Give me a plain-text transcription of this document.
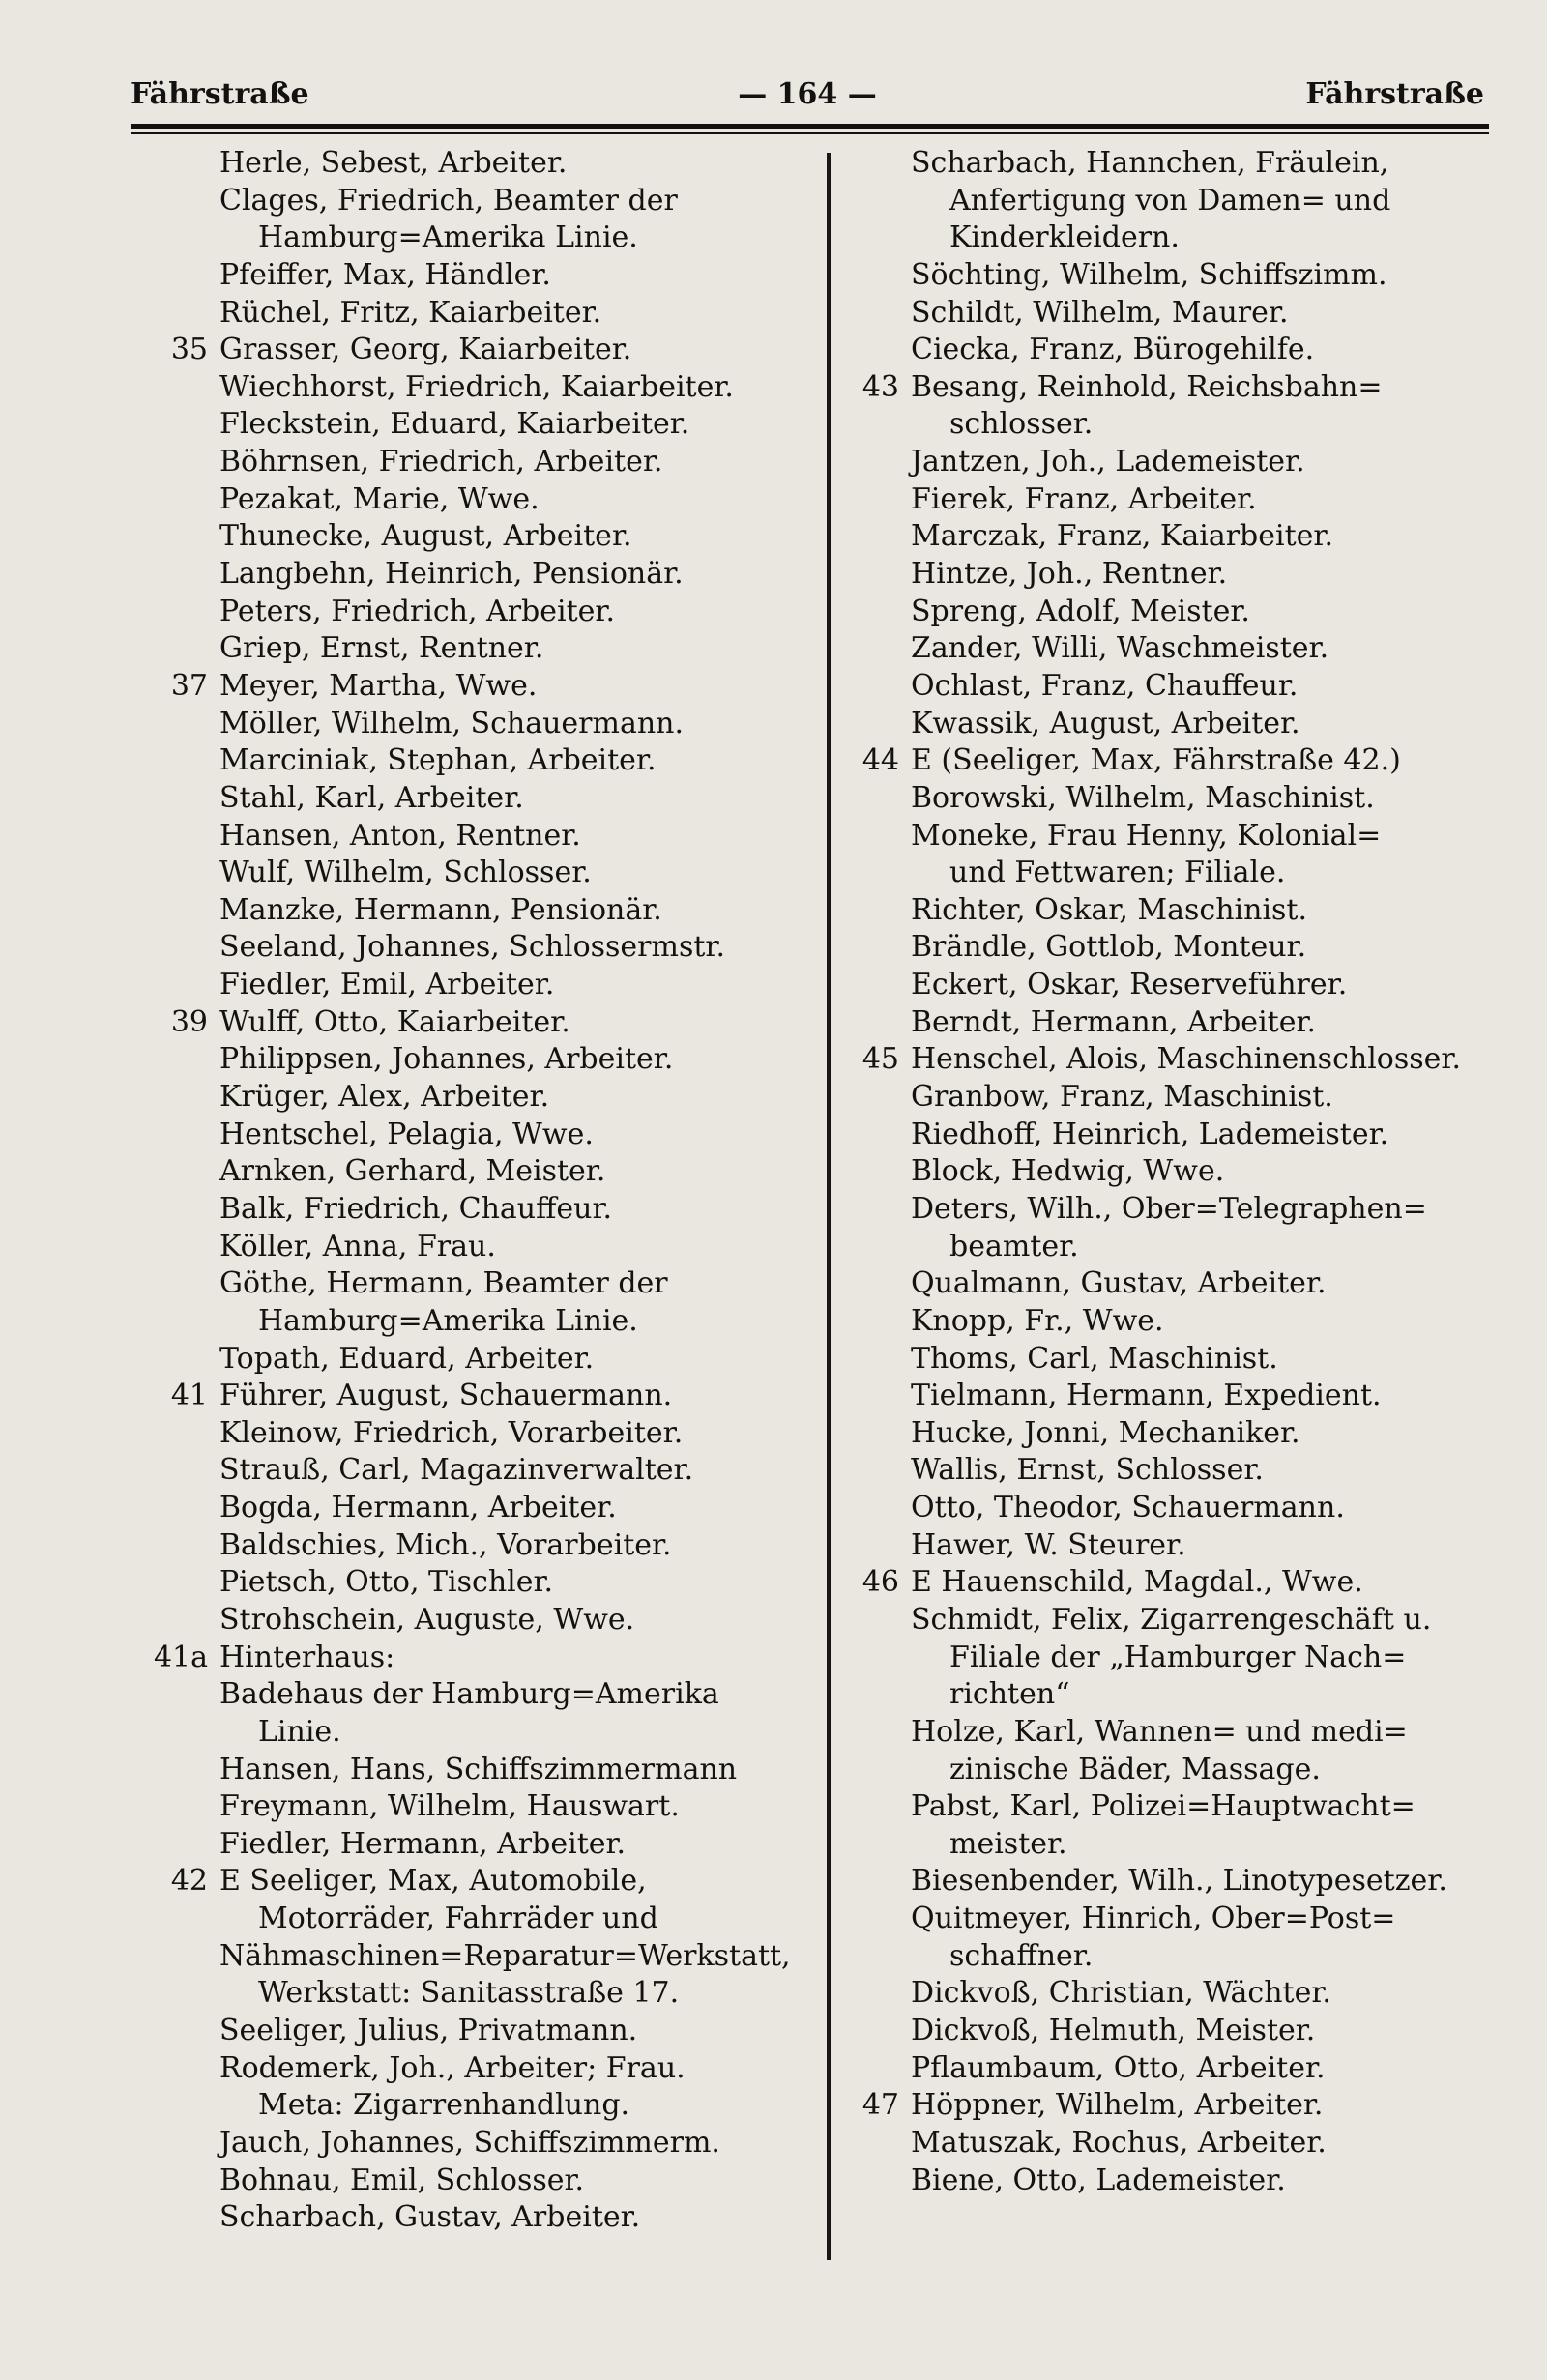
Fährstraße	— 164 —	Fährstraße
Herle, Sebest, Arbeiter.
Clages, Friedrich, Beamter der
Hamburg=Amerika Linie.
Pfeiffer, Max, Händler.
Rüchel, Fritz, Kaiarbeiter.
35 Grasser, Georg, Kaiarbeiter.
Wiechhorst, Friedrich, Kaiarbeiter.
Fleckstein, Eduard, Kaiarbeiter.
Böhrnsen, Friedrich, Arbeiter.
Pezakat, Marie, Wwe.
Thunecke, August, Arbeiter.
Langbehn, Heinrich, Pensionär.
Peters, Friedrich, Arbeiter.
Griep, Ernst, Rentner.
37 Meyer, Martha, Wwe.
Möller, Wilhelm, Schauermann.
Marciniak, Stephan, Arbeiter.
Stahl, Karl, Arbeiter.
Hansen, Anton, Rentner.
Wulf, Wilhelm, Schlosser.
Manzke, Hermann, Pensionär.
Seeland, Johannes, Schlossermstr.
Fiedler, Emil, Arbeiter.
39 Wulff, Otto, Kaiarbeiter.
Philippsen, Johannes, Arbeiter.
Krüger, Alex, Arbeiter.
Hentschel, Pelagia, Wwe.
Arnken, Gerhard, Meister.
Balk, Friedrich, Chauffeur.
Köller, Anna, Frau.
Göthe, Hermann, Beamter der
Hamburg=Amerika Linie.
Topath, Eduard, Arbeiter.
41 Führer, August, Schauermann.
Kleinow, Friedrich, Vorarbeiter.
Strauß, Carl, Magazinverwalter.
Bogda, Hermann, Arbeiter.
Baldschies, Mich., Vorarbeiter.
Pietsch, Otto, Tischler.
Strohschein, Auguste, Wwe.
41a Hinterhaus:
Badehaus der Hamburg=Amerika
Linie.
Hansen, Hans, Schiffszimmermann
Freymann, Wilhelm, Hauswart.
Fiedler, Hermann, Arbeiter.
42 E Seeliger, Max, Automobile,
Motorräder, Fahrräder und
Nähmaschinen=Reparatur=Werkstatt,
Werkstatt: Sanitasstraße 17.
Seeliger, Julius, Privatmann.
Rodemerk, Joh., Arbeiter; Frau.
Meta: Zigarrenhandlung.
Jauch, Johannes, Schiffszimmerm.
Bohnau, Emil, Schlosser.
Scharbach, Gustav, Arbeiter.
Scharbach, Hannchen, Fräulein,
Anfertigung von Damen= und
Kinderkleidern.
Söchting, Wilhelm, Schiffszimm.
Schildt, Wilhelm, Maurer.
Ciecka, Franz, Bürogehilfe.
43 Besang, Reinhold, Reichsbahn=
schlosser.
Jantzen, Joh., Lademeister.
Fierek, Franz, Arbeiter.
Marczak, Franz, Kaiarbeiter.
Hintze, Joh., Rentner.
Spreng, Adolf, Meister.
Zander, Willi, Waschmeister.
Ochlast, Franz, Chauffeur.
Kwassik, August, Arbeiter.
44 E (Seeliger, Max, Fährstraße 42.)
Borowski, Wilhelm, Maschinist.
Moneke, Frau Henny, Kolonial=
und Fettwaren; Filiale.
Richter, Oskar, Maschinist.
Brändle, Gottlob, Monteur.
Eckert, Oskar, Reserveführer.
Berndt, Hermann, Arbeiter.
45 Henschel, Alois, Maschinenschlosser.
Granbow, Franz, Maschinist.
Riedhoff, Heinrich, Lademeister.
Block, Hedwig, Wwe.
Deters, Wilh., Ober=Telegraphen=
beamter.
Qualmann, Gustav, Arbeiter.
Knopp, Fr., Wwe.
Thoms, Carl, Maschinist.
Tielmann, Hermann, Expedient.
Hucke, Jonni, Mechaniker.
Wallis, Ernst, Schlosser.
Otto, Theodor, Schauermann.
Hawer, W. Steurer.
46 E Hauenschild, Magdal., Wwe.
Schmidt, Felix, Zigarrengeschäft u.
Filiale der „Hamburger Nach=
richten“
Holze, Karl, Wannen= und medi=
zinische Bäder, Massage.
Pabst, Karl, Polizei=Hauptwacht=
meister.
Biesenbender, Wilh., Linotypesetzer.
Quitmeyer, Hinrich, Ober=Post=
schaffner.
Dickvoß, Christian, Wächter.
Dickvoß, Helmuth, Meister.
Pflaumbaum, Otto, Arbeiter.
47 Höppner, Wilhelm, Arbeiter.
Matuszak, Rochus, Arbeiter.
Biene, Otto, Lademeister.
